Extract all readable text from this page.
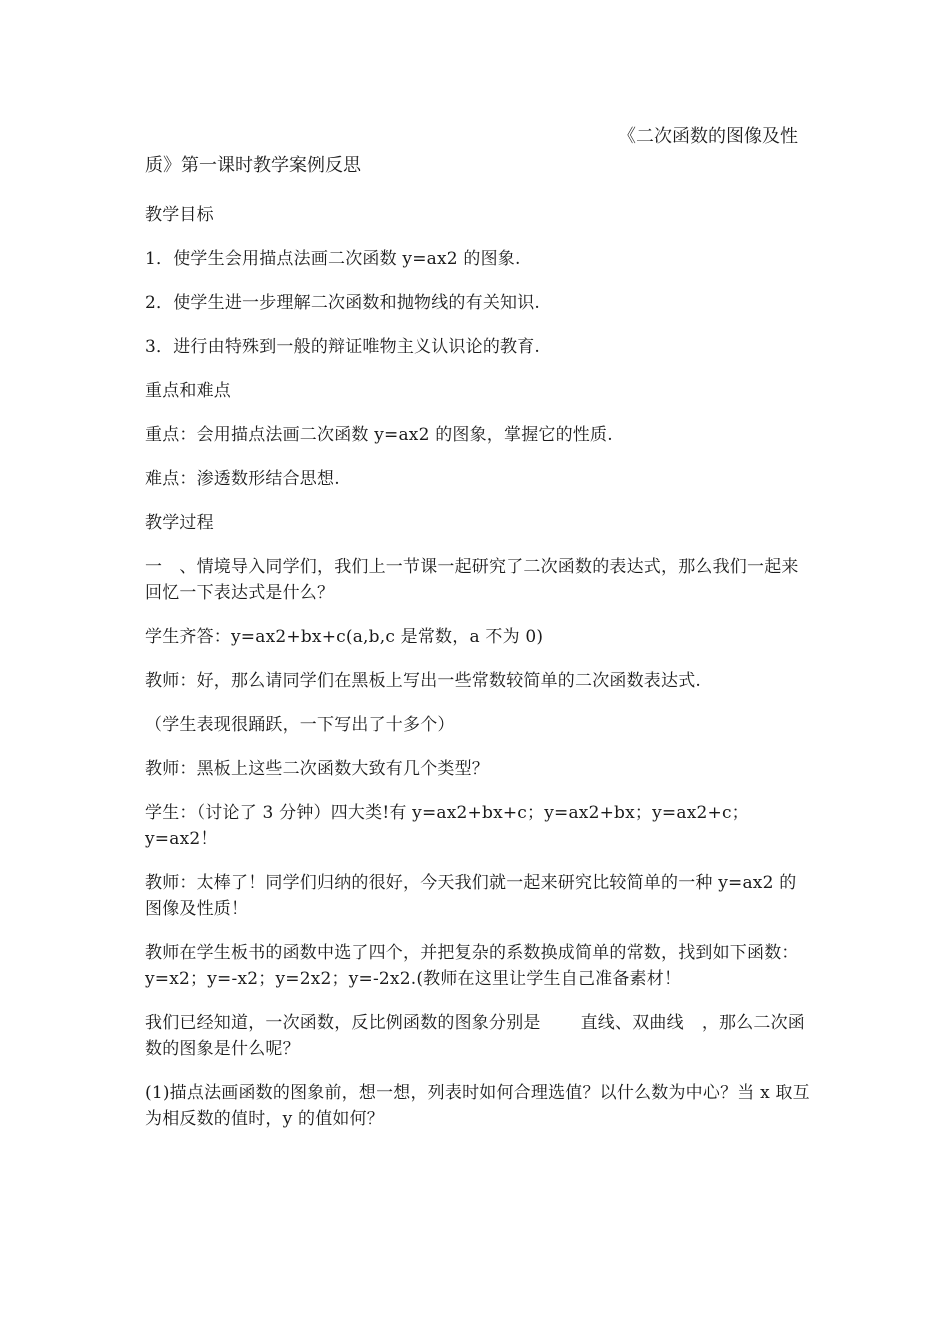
《二次函数的图像及性
质》第一课时教学案例反思

教学目标

1．使学生会用描点法画二次函数 y=ax2 的图象.

2．使学生进一步理解二次函数和抛物线的有关知识.

3．进行由特殊到一般的辩证唯物主义认识论的教育.

重点和难点

重点：会用描点法画二次函数 y=ax2 的图象，掌握它的性质.

难点：渗透数形结合思想.

教学过程

一　、情境导入同学们，我们上一节课一起研究了二次函数的表达式，那么我们一起来回忆一下表达式是什么？

学生齐答：y=ax2+bx+c(a,b,c 是常数，a 不为 0)

教师：好，那么请同学们在黑板上写出一些常数较简单的二次函数表达式.

（学生表现很踊跃，一下写出了十多个）

教师：黑板上这些二次函数大致有几个类型？

学生：（讨论了 3 分钟）四大类!有 y=ax2+bx+c；y=ax2+bx；y=ax2+c；y=ax2！

教师：太棒了！同学们归纳的很好，今天我们就一起来研究比较简单的一种 y=ax2 的图像及性质！

教师在学生板书的函数中选了四个，并把复杂的系数换成简单的常数，找到如下函数：y=x2；y=-x2；y=2x2；y=-2x2.(教师在这里让学生自己准备素材！

我们已经知道，一次函数，反比例函数的图象分别是 直线、双曲线 ，那么二次函数的图象是什么呢？

(1)描点法画函数的图象前，想一想，列表时如何合理选值？以什么数为中心？当 x 取互为相反数的值时，y 的值如何？
